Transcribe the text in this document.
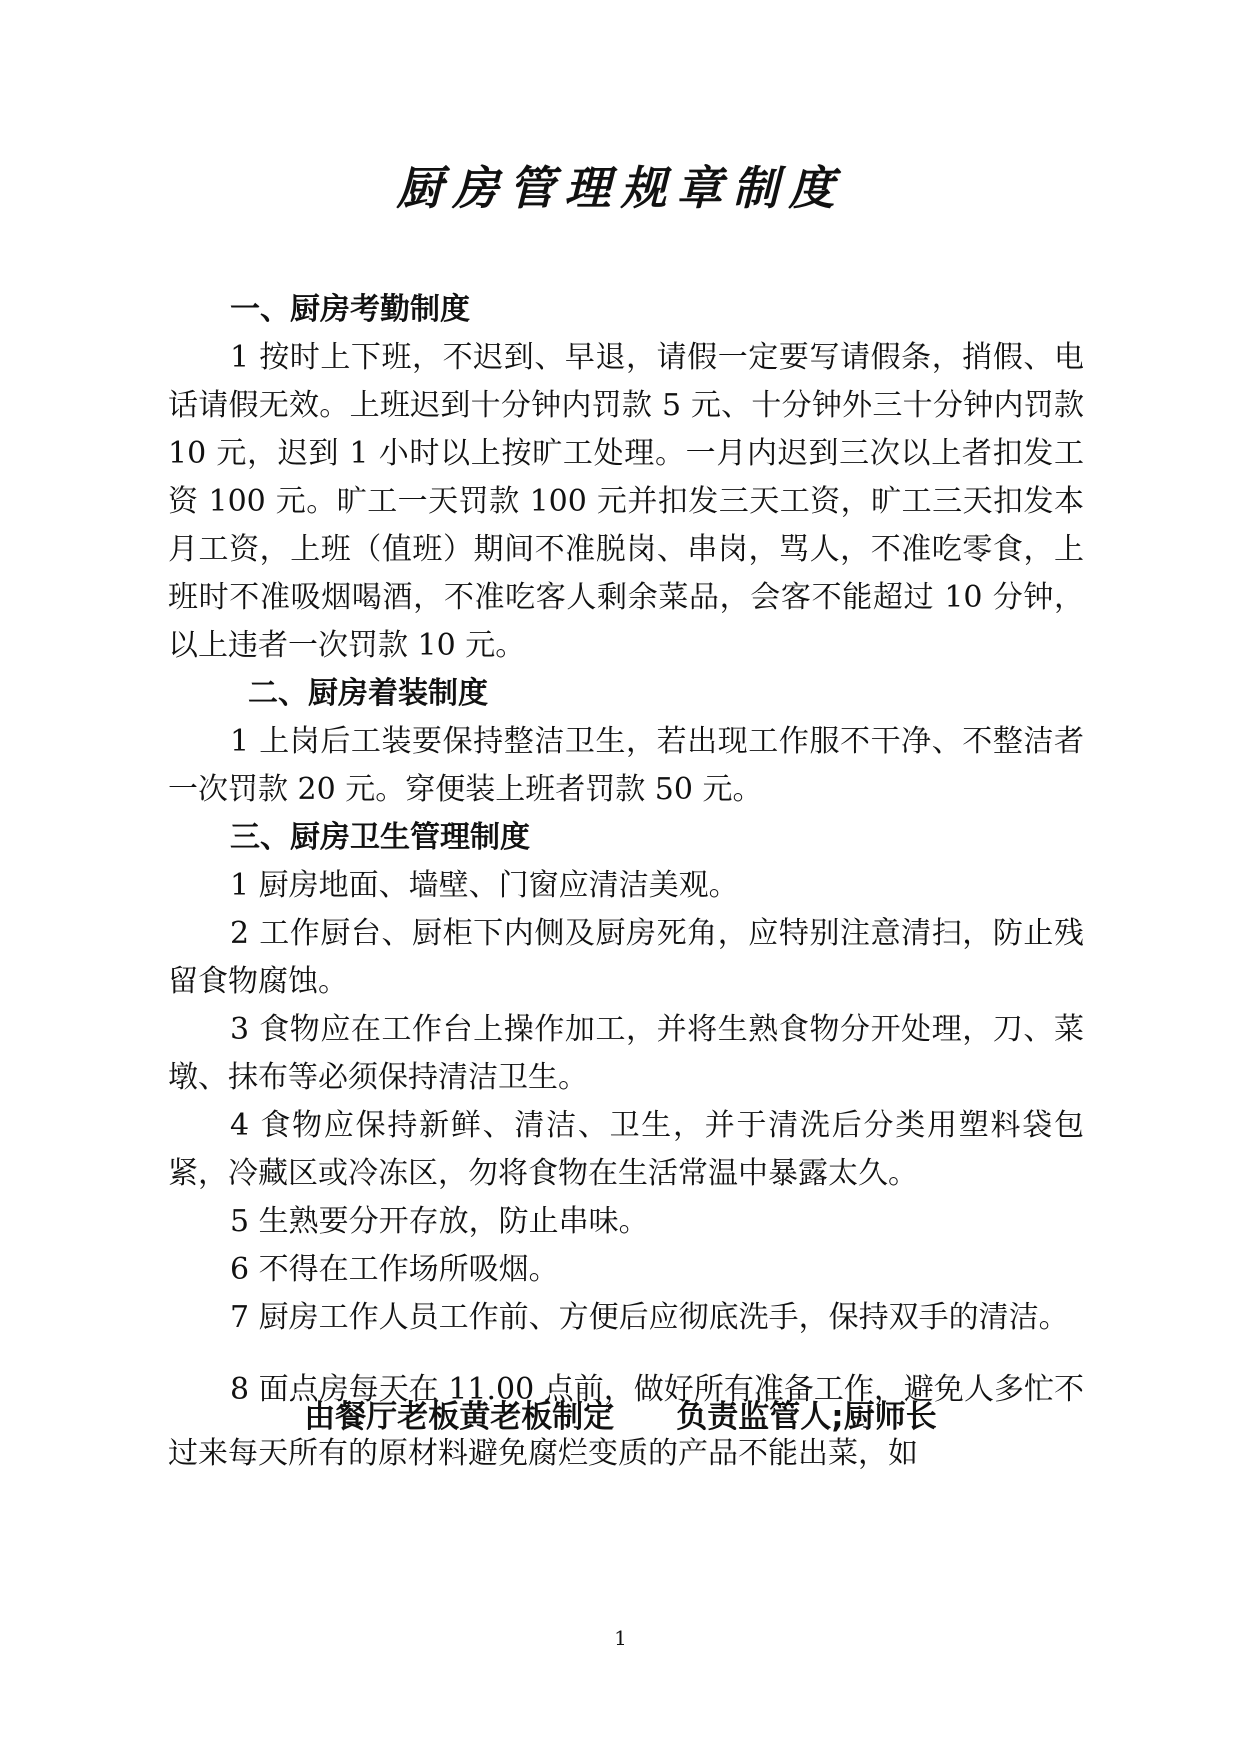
厨房管理规章制度
一、厨房考勤制度

1 按时上下班，不迟到、早退，请假一定要写请假条，捎假、电话请假无效。上班迟到十分钟内罚款 5 元、十分钟外三十分钟内罚款 10 元，迟到 1 小时以上按旷工处理。一月内迟到三次以上者扣发工资 100 元。旷工一天罚款 100 元并扣发三天工资，旷工三天扣发本月工资，上班（值班）期间不准脱岗、串岗，骂人，不准吃零食，上班时不准吸烟喝酒，不准吃客人剩余菜品，会客不能超过 10 分钟，以上违者一次罚款 10 元。

二、厨房着装制度

1 上岗后工装要保持整洁卫生，若出现工作服不干净、不整洁者一次罚款 20 元。穿便装上班者罚款 50 元。

三、厨房卫生管理制度

1 厨房地面、墙壁、门窗应清洁美观。

2 工作厨台、厨柜下内侧及厨房死角，应特别注意清扫，防止残留食物腐蚀。

3 食物应在工作台上操作加工，并将生熟食物分开处理，刀、菜墩、抹布等必须保持清洁卫生。

4 食物应保持新鲜、清洁、卫生，并于清洗后分类用塑料袋包紧，冷藏区或冷冻区，勿将食物在生活常温中暴露太久。

5 生熟要分开存放，防止串味。

6 不得在工作场所吸烟。

7 厨房工作人员工作前、方便后应彻底洗手，保持双手的清洁。

8 面点房每天在 11.00 点前，做好所有准备工作，避免人多忙不过来每天所有的原材料避免腐烂变质的产品不能出菜，如

由餐厅老板黄老板制定 负责监管人;厨师长
1
